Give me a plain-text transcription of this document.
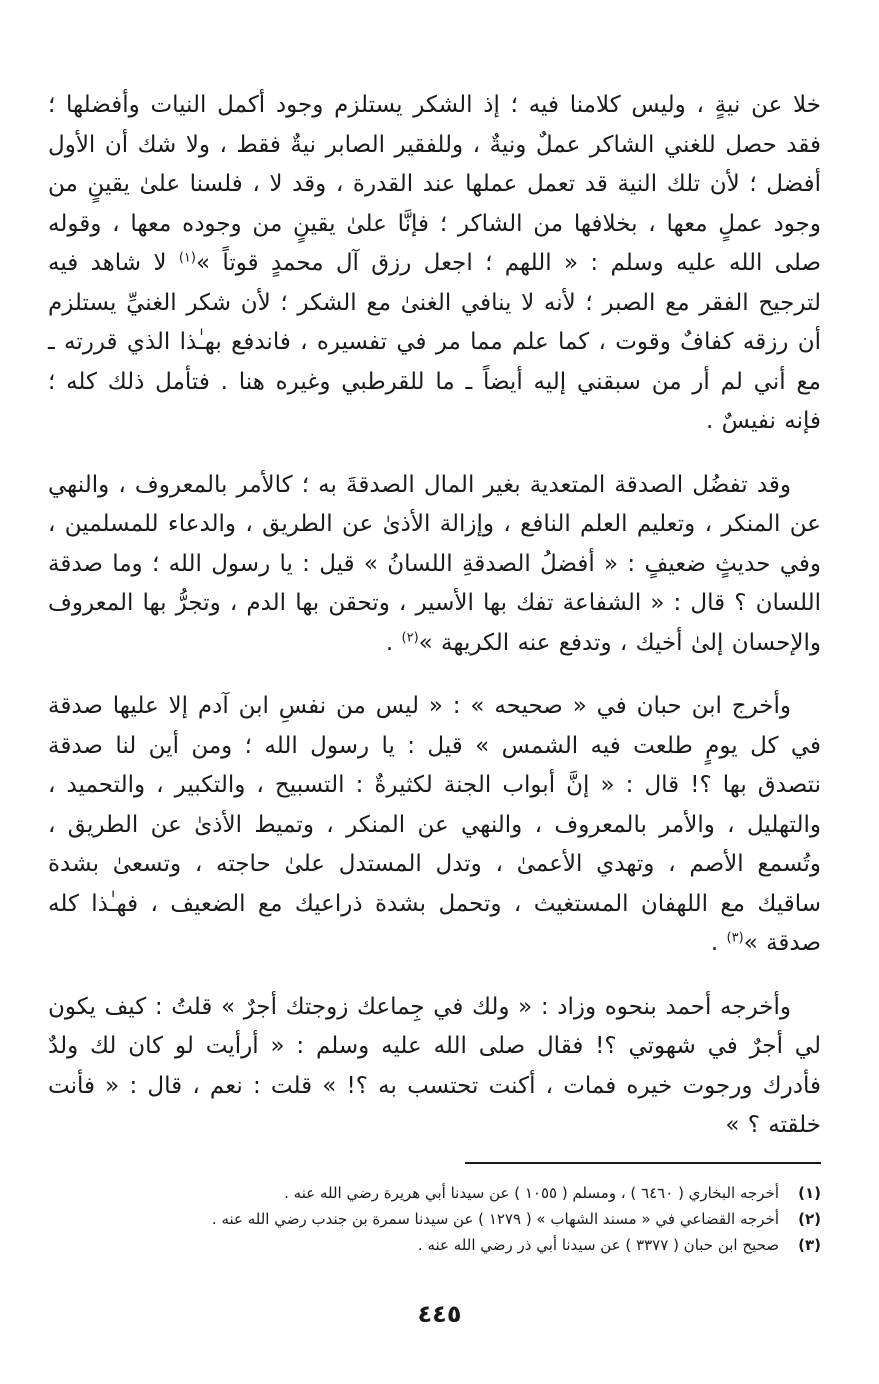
خلا عن نيةٍ ، وليس كلامنا فيه ؛ إذ الشكر يستلزم وجود أكمل النيات وأفضلها ؛ فقد حصل للغني الشاكر عملٌ ونيةٌ ، وللفقير الصابر نيةٌ فقط ، ولا شك أن الأول أفضل ؛ لأن تلك النية قد تعمل عملها عند القدرة ، وقد لا ، فلسنا علىٰ يقينٍ من وجود عملٍ معها ، بخلافها من الشاكر ؛ فإنَّا علىٰ يقينٍ من وجوده معها ، وقوله صلى الله عليه وسلم : « اللهم ؛ اجعل رزق آل محمدٍ قوتاً »$^{(١)}$ لا شاهد فيه لترجيح الفقر مع الصبر ؛ لأنه لا ينافي الغنىٰ مع الشكر ؛ لأن شكر الغنيِّ يستلزم أن رزقه كفافٌ وقوت ، كما علم مما مر في تفسيره ، فاندفع بهـٰذا الذي قررته ـ مع أني لم أر من سبقني إليه أيضاً ـ ما للقرطبي وغيره هنا . فتأمل ذلك كله ؛ فإنه نفيسٌ .

وقد تفضُل الصدقة المتعدية بغير المال الصدقةَ به ؛ كالأمر بالمعروف ، والنهي عن المنكر ، وتعليم العلم النافع ، وإزالة الأذىٰ عن الطريق ، والدعاء للمسلمين ، وفي حديثٍ ضعيفٍ : « أفضلُ الصدقةِ اللسانُ » قيل : يا رسول الله ؛ وما صدقة اللسان ؟ قال : « الشفاعة تفك بها الأسير ، وتحقن بها الدم ، وتجرُّ بها المعروف والإحسان إلىٰ أخيك ، وتدفع عنه الكريهة »$^{(٢)}$ .

وأخرج ابن حبان في « صحيحه » : « ليس من نفسِ ابن آدم إلا عليها صدقة في كل يومٍ طلعت فيه الشمس » قيل : يا رسول الله ؛ ومن أين لنا صدقة نتصدق بها ؟! قال : « إنَّ أبواب الجنة لكثيرةٌ : التسبيح ، والتكبير ، والتحميد ، والتهليل ، والأمر بالمعروف ، والنهي عن المنكر ، وتميط الأذىٰ عن الطريق ، وتُسمع الأصم ، وتهدي الأعمىٰ ، وتدل المستدل علىٰ حاجته ، وتسعىٰ بشدة ساقيك مع اللهفان المستغيث ، وتحمل بشدة ذراعيك مع الضعيف ، فهـٰذا كله صدقة »$^{(٣)}$ .

وأخرجه أحمد بنحوه وزاد : « ولك في جِماعك زوجتك أجرٌ » قلتُ : كيف يكون لي أجرٌ في شهوتي ؟! فقال صلى الله عليه وسلم : « أرأيت لو كان لك ولدٌ فأدرك ورجوت خيره فمات ، أكنت تحتسب به ؟! » قلت : نعم ، قال : « فأنت خلقته ؟ »

(١)
أخرجه البخاري ( ٦٤٦٠ ) ، ومسلم ( ١٠٥٥ ) عن سيدنا أبي هريرة رضي الله عنه .

(٢)
أخرجه القضاعي في « مسند الشهاب » ( ١٢٧٩ ) عن سيدنا سمرة بن جندب رضي الله عنه .

(٣)
صحيح ابن حبان ( ٣٣٧٧ ) عن سيدنا أبي ذر رضي الله عنه .

٤٤٥
